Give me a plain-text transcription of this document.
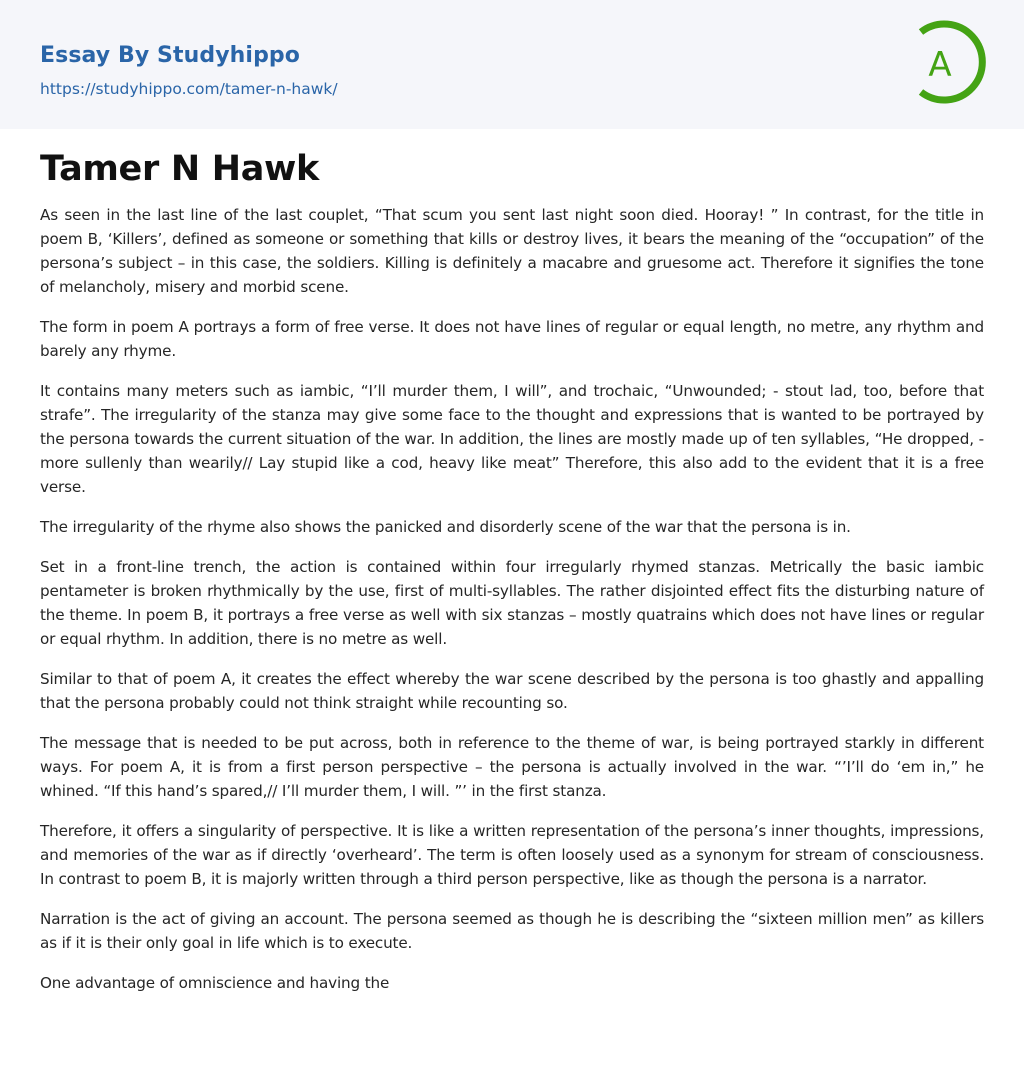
Essay By Studyhippo
https://studyhippo.com/tamer-n-hawk/
A
Tamer N Hawk

As seen in the last line of the last couplet, “That scum you sent last night soon died. Hooray! ” In contrast, for the title in poem B, ‘Killers’, defined as someone or something that kills or destroy lives, it bears the meaning of the “occupation” of the persona’s subject – in this case, the soldiers. Killing is definitely a macabre and gruesome act. Therefore it signifies the tone of melancholy, misery and morbid scene.

The form in poem A portrays a form of free verse. It does not have lines of regular or equal length, no metre, any rhythm and barely any rhyme.

It contains many meters such as iambic, “I’ll murder them, I will”, and trochaic, “Unwounded; - stout lad, too, before that strafe”. The irregularity of the stanza may give some face to the thought and expressions that is wanted to be portrayed by the persona towards the current situation of the war. In addition, the lines are mostly made up of ten syllables, “He dropped, - more sullenly than wearily// Lay stupid like a cod, heavy like meat” Therefore, this also add to the evident that it is a free verse.

The irregularity of the rhyme also shows the panicked and disorderly scene of the war that the persona is in.

Set in a front-line trench, the action is contained within four irregularly rhymed stanzas. Metrically the basic iambic pentameter is broken rhythmically by the use, first of multi-syllables. The rather disjointed effect fits the disturbing nature of the theme. In poem B, it portrays a free verse as well with six stanzas – mostly quatrains which does not have lines or regular or equal rhythm. In addition, there is no metre as well.

Similar to that of poem A, it creates the effect whereby the war scene described by the persona is too ghastly and appalling that the persona probably could not think straight while recounting so.

The message that is needed to be put across, both in reference to the theme of war, is being portrayed starkly in different ways. For poem A, it is from a first person perspective – the persona is actually involved in the war. “’I’ll do ‘em in,” he whined. “If this hand’s spared,// I’ll murder them, I will. ”’ in the first stanza.

Therefore, it offers a singularity of perspective. It is like a written representation of the persona’s inner thoughts, impressions, and memories of the war as if directly ‘overheard’. The term is often loosely used as a synonym for stream of consciousness. In contrast to poem B, it is majorly written through a third person perspective, like as though the persona is a narrator.

Narration is the act of giving an account. The persona seemed as though he is describing the “sixteen million men” as killers as if it is their only goal in life which is to execute.

One advantage of omniscience and having the
